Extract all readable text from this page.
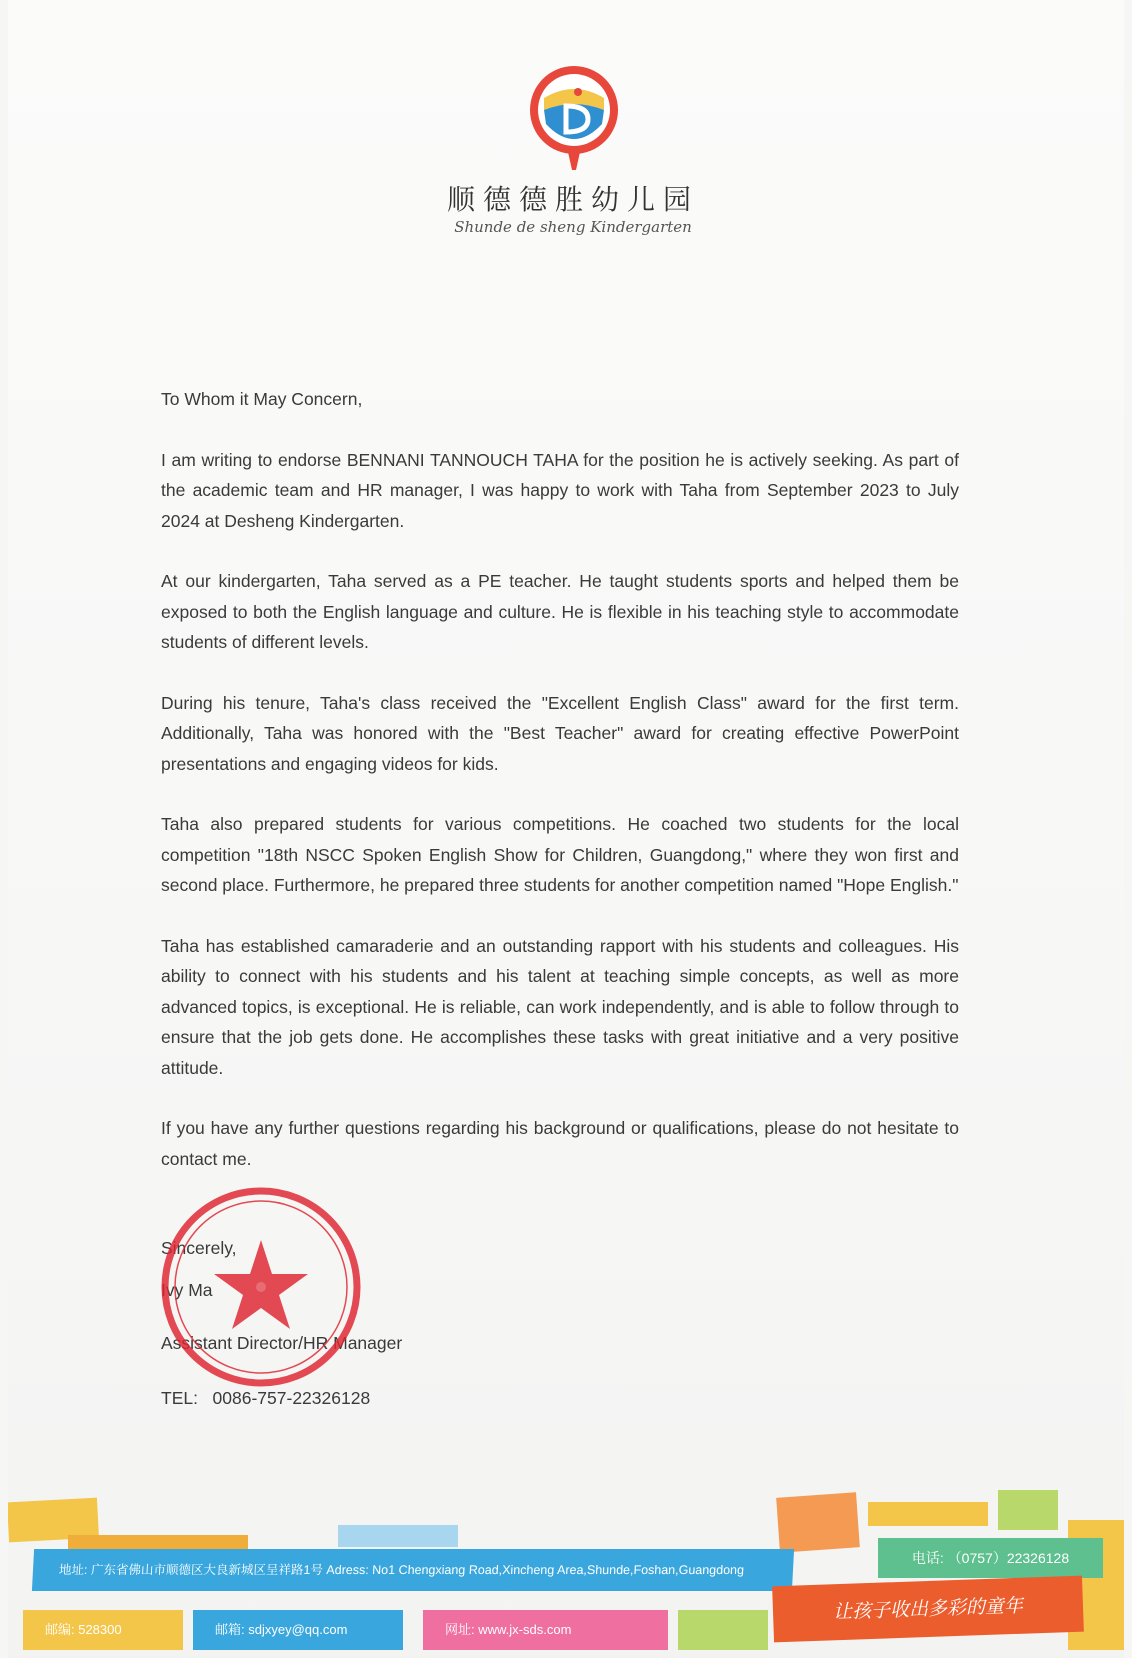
顺德德胜幼儿园
Shunde de sheng Kindergarten

To Whom it May Concern,

I am writing to endorse BENNANI TANNOUCH TAHA for the position he is actively seeking. As part of the academic team and HR manager, I was happy to work with Taha from September 2023 to July 2024 at Desheng Kindergarten.

At our kindergarten, Taha served as a PE teacher. He taught students sports and helped them be exposed to both the English language and culture. He is flexible in his teaching style to accommodate students of different levels.

During his tenure, Taha's class received the "Excellent English Class" award for the first term. Additionally, Taha was honored with the "Best Teacher" award for creating effective PowerPoint presentations and engaging videos for kids.

Taha also prepared students for various competitions. He coached two students for the local competition "18th NSCC Spoken English Show for Children, Guangdong," where they won first and second place. Furthermore, he prepared three students for another competition named "Hope English."

Taha has established camaraderie and an outstanding rapport with his students and colleagues. His ability to connect with his students and his talent at teaching simple concepts, as well as more advanced topics, is exceptional. He is reliable, can work independently, and is able to follow through to ensure that the job gets done. He accomplishes these tasks with great initiative and a very positive attitude.

If you have any further questions regarding his background or qualifications, please do not hesitate to contact me.

Sincerely,
Ivy Ma
Assistant Director/HR Manager
TEL:   0086-757-22326128
地址: 广东省佛山市顺德区大良新城区呈祥路1号 Adress: No1 Chengxiang Road,Xincheng Area,Shunde,Foshan,Guangdong
电话: （0757）22326128
邮编: 528300	邮箱: sdjxyey@qq.com	网址: www.jx-sds.com
让孩子收出多彩的童年
